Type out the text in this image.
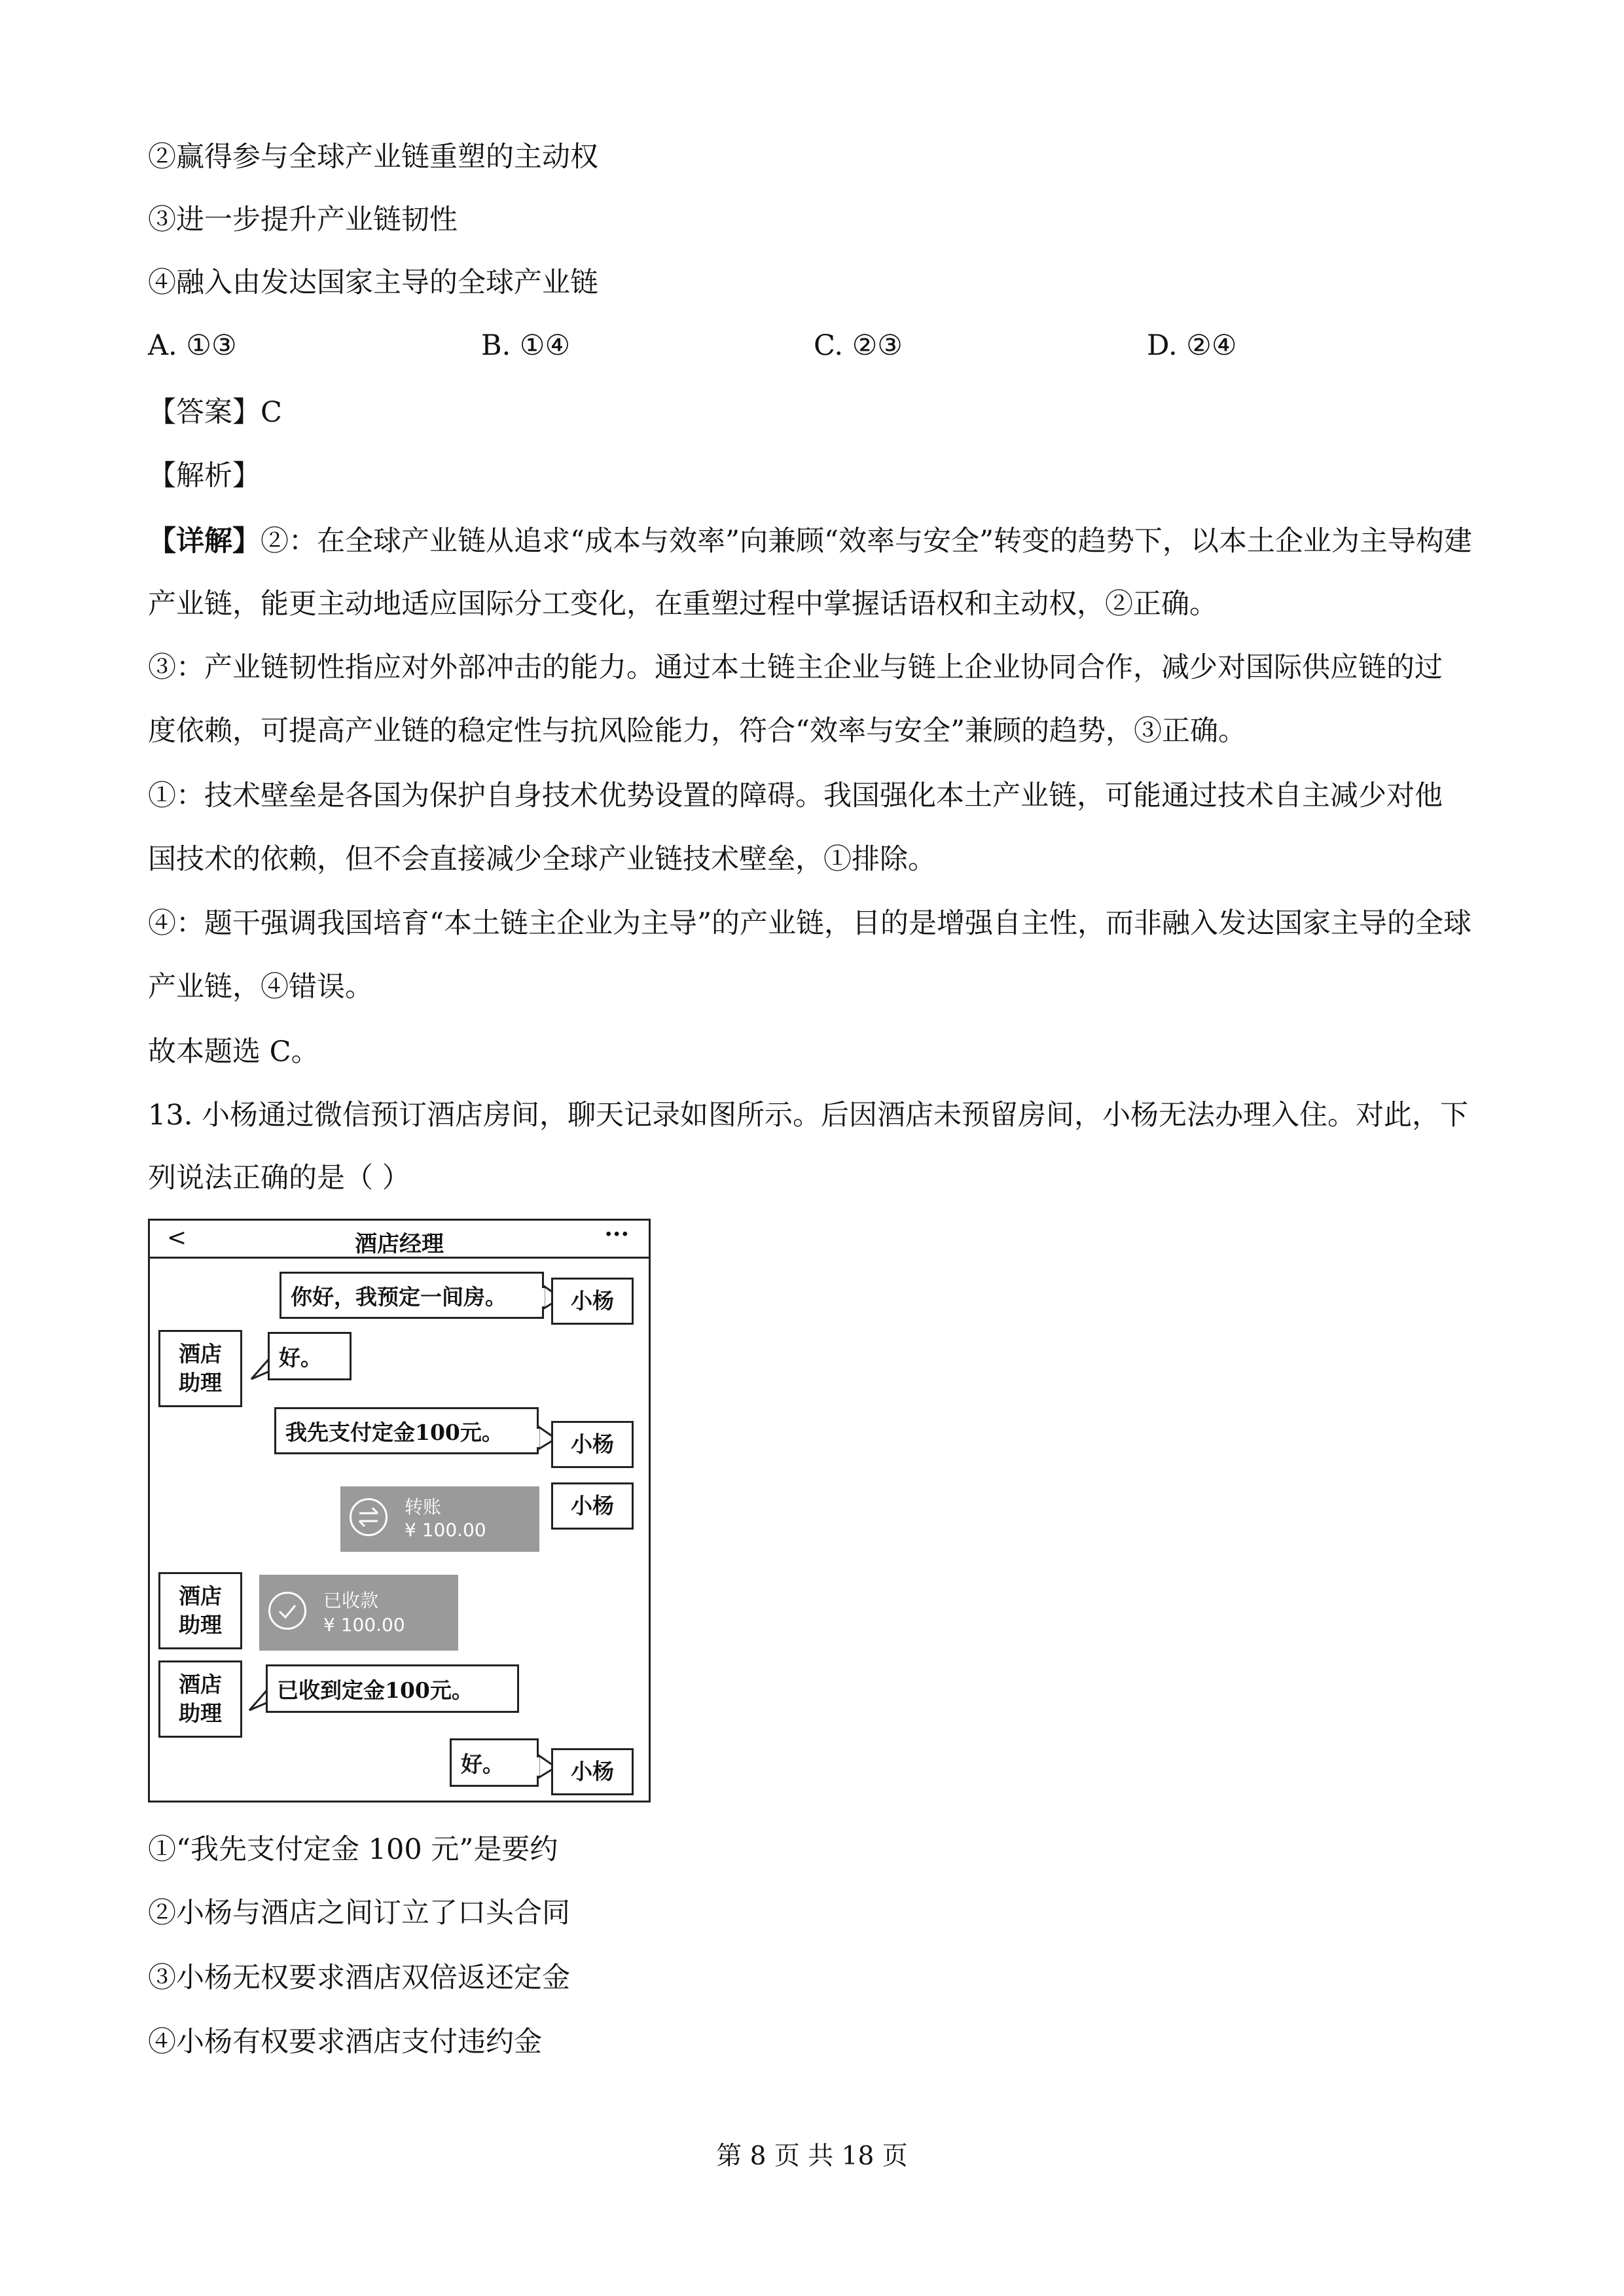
②赢得参与全球产业链重塑的主动权
③进一步提升产业链韧性
④融入由发达国家主导的全球产业链
A. ①③	B. ①④	C. ②③	D. ②④
【答案】C
【解析】
【详解】②：在全球产业链从追求“成本与效率”向兼顾“效率与安全”转变的趋势下，以本土企业为主导构建
产业链，能更主动地适应国际分工变化，在重塑过程中掌握话语权和主动权，②正确。
③：产业链韧性指应对外部冲击的能力。通过本土链主企业与链上企业协同合作，减少对国际供应链的过
度依赖，可提高产业链的稳定性与抗风险能力，符合“效率与安全”兼顾的趋势，③正确。
①：技术壁垒是各国为保护自身技术优势设置的障碍。我国强化本土产业链，可能通过技术自主减少对他
国技术的依赖，但不会直接减少全球产业链技术壁垒，①排除。
④：题干强调我国培育“本土链主企业为主导”的产业链，目的是增强自主性，而非融入发达国家主导的全球
产业链，④错误。
故本题选 C。
13. 小杨通过微信预订酒店房间，聊天记录如图所示。后因酒店未预留房间，小杨无法办理入住。对此，下
列说法正确的是（ ）
<	酒店经理	···
你好，我预定一间房。	小杨
酒店
助理
好。
我先支付定金100元。	小杨
转账
¥ 100.00
小杨
酒店
助理
已收款
¥ 100.00
酒店
助理
已收到定金100元。
好。	小杨
①“我先支付定金 100 元”是要约
②小杨与酒店之间订立了口头合同
③小杨无权要求酒店双倍返还定金
④小杨有权要求酒店支付违约金
第 8 页 共 18 页
